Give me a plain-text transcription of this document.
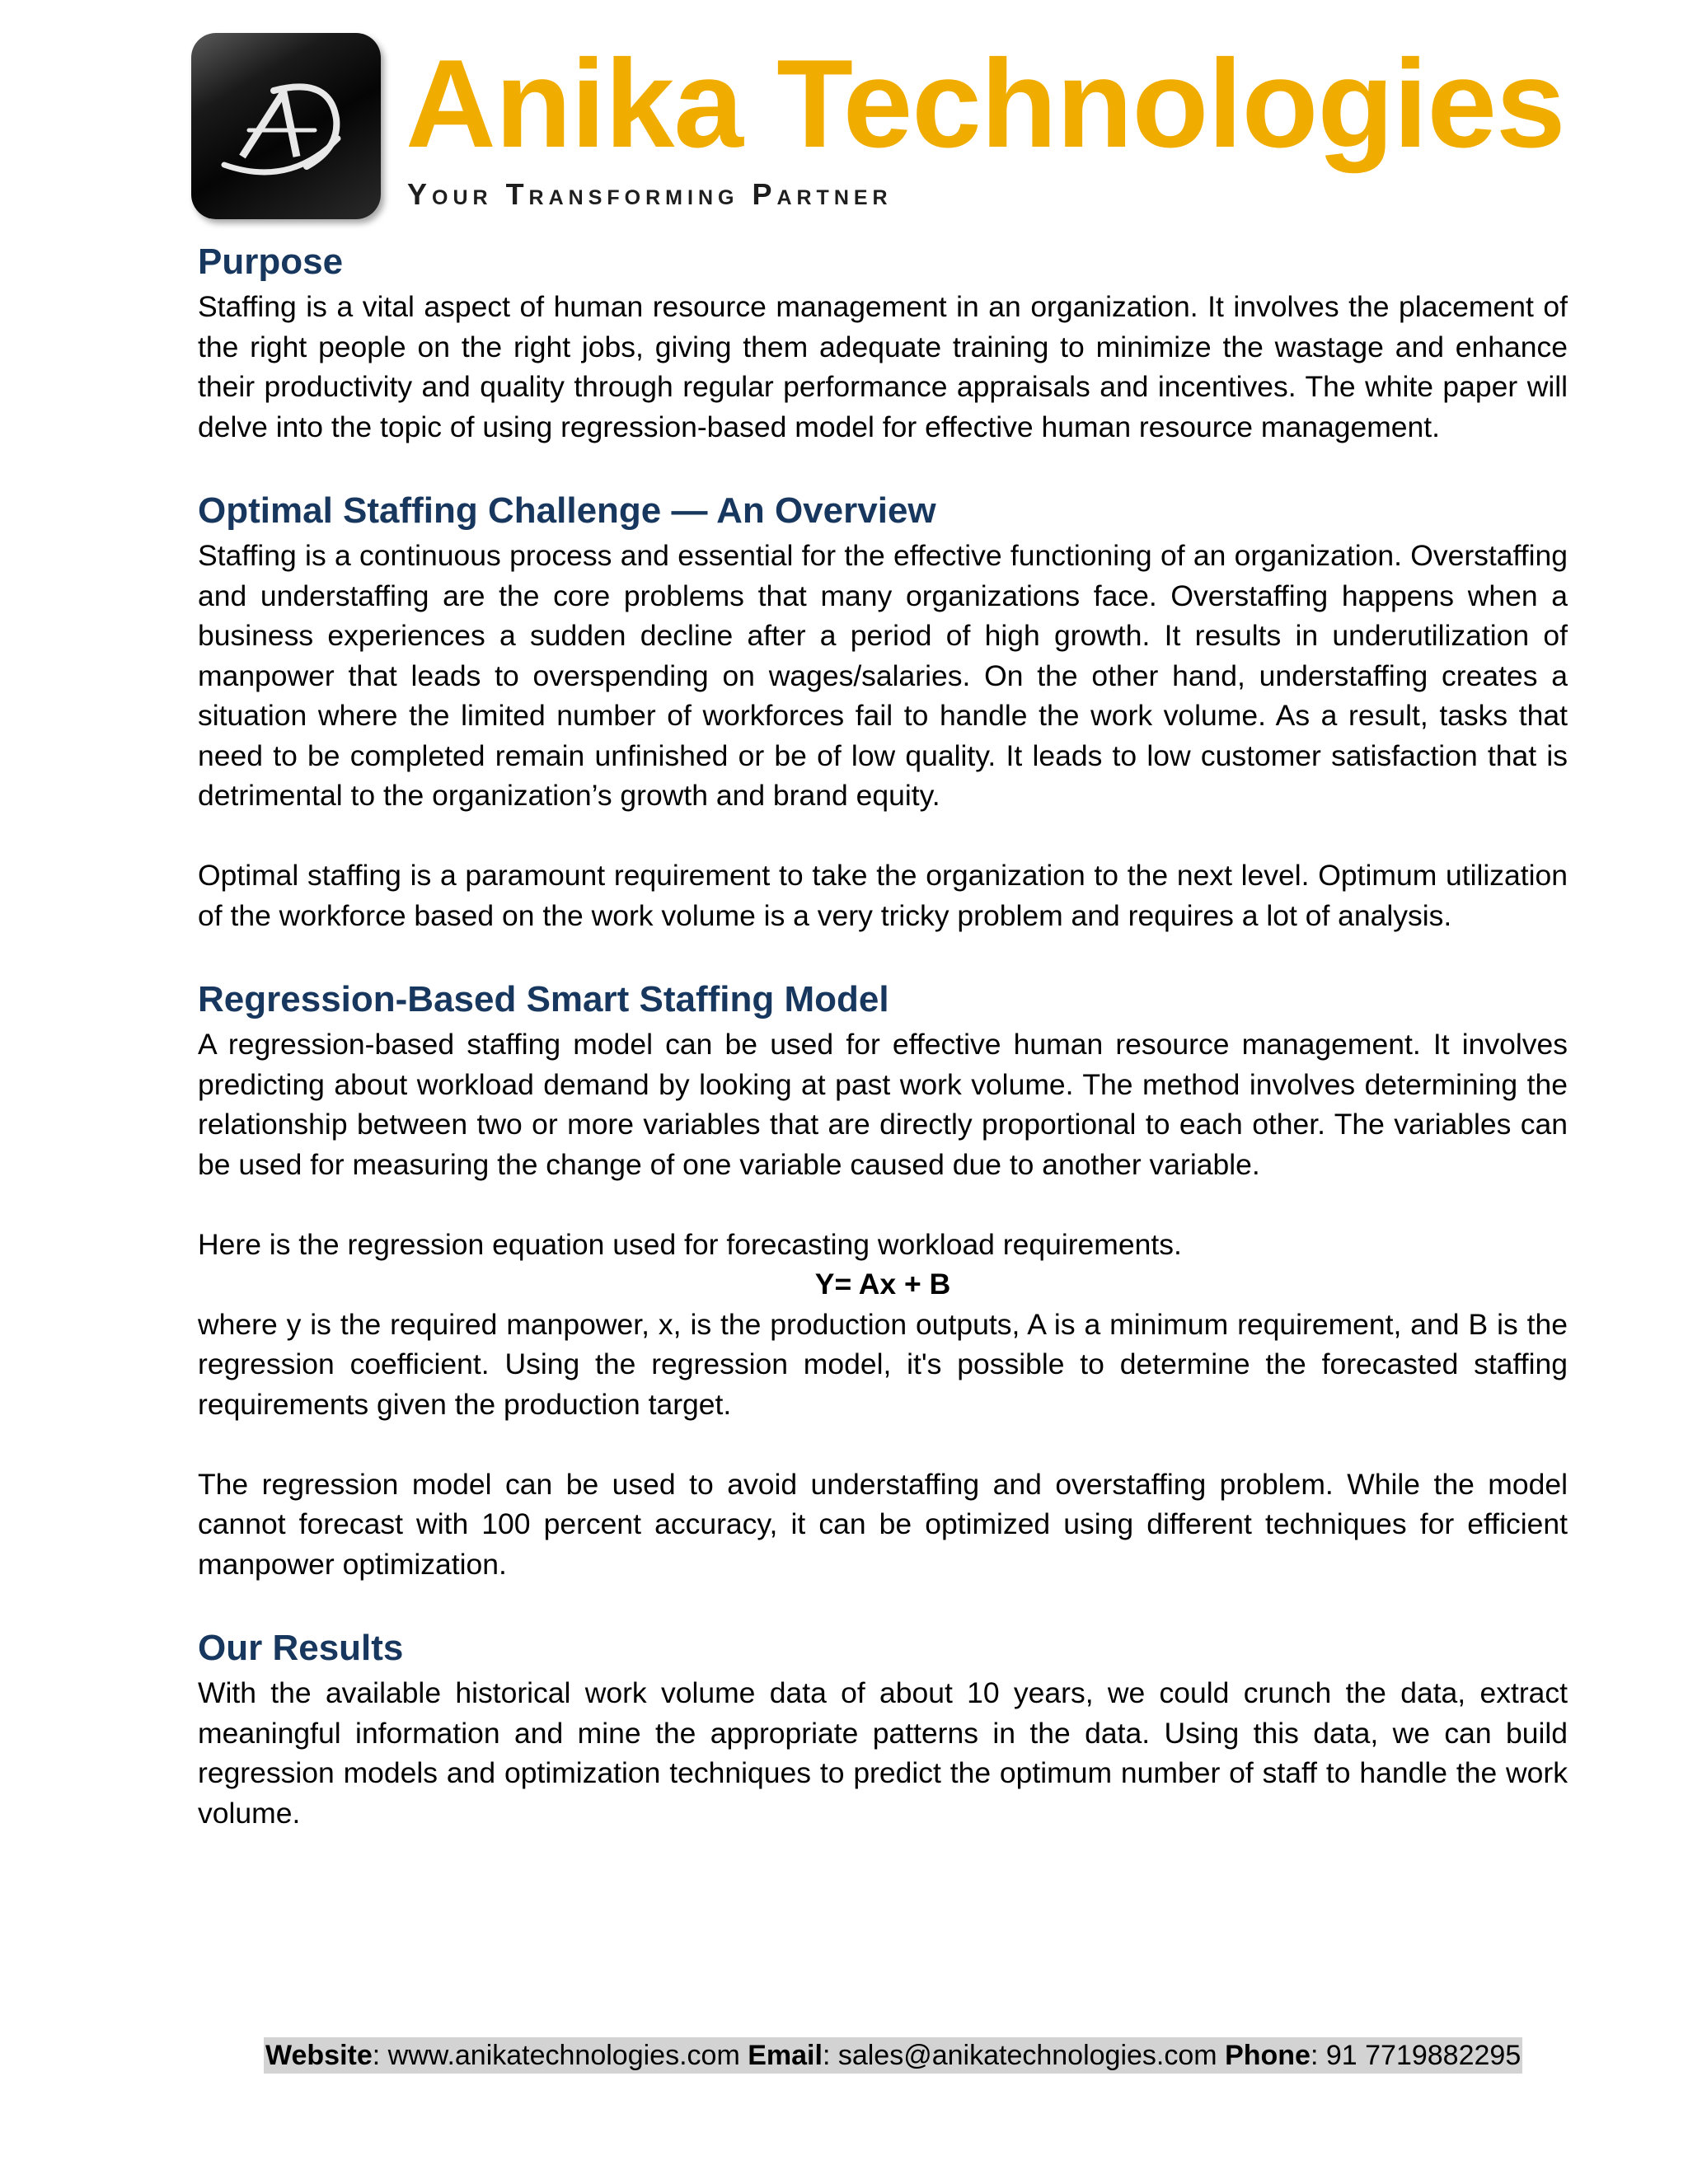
Anika Technologies
Your Transforming Partner
Purpose

Staffing is a vital aspect of human resource management in an organization. It involves the placement of the right people on the right jobs, giving them adequate training to minimize the wastage and enhance their productivity and quality through regular performance appraisals and incentives. The white paper will delve into the topic of using regression-based model for effective human resource management.

Optimal Staffing Challenge — An Overview

Staffing is a continuous process and essential for the effective functioning of an organization. Overstaffing and understaffing are the core problems that many organizations face. Overstaffing happens when a business experiences a sudden decline after a period of high growth. It results in underutilization of manpower that leads to overspending on wages/salaries. On the other hand, understaffing creates a situation where the limited number of workforces fail to handle the work volume. As a result, tasks that need to be completed remain unfinished or be of low quality. It leads to low customer satisfaction that is detrimental to the organization’s growth and brand equity.

Optimal staffing is a paramount requirement to take the organization to the next level. Optimum utilization of the workforce based on the work volume is a very tricky problem and requires a lot of analysis.

Regression-Based Smart Staffing Model

A regression-based staffing model can be used for effective human resource management. It involves predicting about workload demand by looking at past work volume. The method involves determining the relationship between two or more variables that are directly proportional to each other. The variables can be used for measuring the change of one variable caused due to another variable.

Here is the regression equation used for forecasting workload requirements.

Y= Ax + B

where y is the required manpower, x, is the production outputs, A is a minimum requirement, and B is the regression coefficient. Using the regression model, it's possible to determine the forecasted staffing requirements given the production target.

The regression model can be used to avoid understaffing and overstaffing problem. While the model cannot forecast with 100 percent accuracy, it can be optimized using different techniques for efficient manpower optimization.

Our Results

With the available historical work volume data of about 10 years, we could crunch the data, extract meaningful information and mine the appropriate patterns in the data. Using this data, we can build regression models and optimization techniques to predict the optimum number of staff to handle the work volume.

Website: www.anikatechnologies.com Email: sales@anikatechnologies.com Phone: 91 7719882295
